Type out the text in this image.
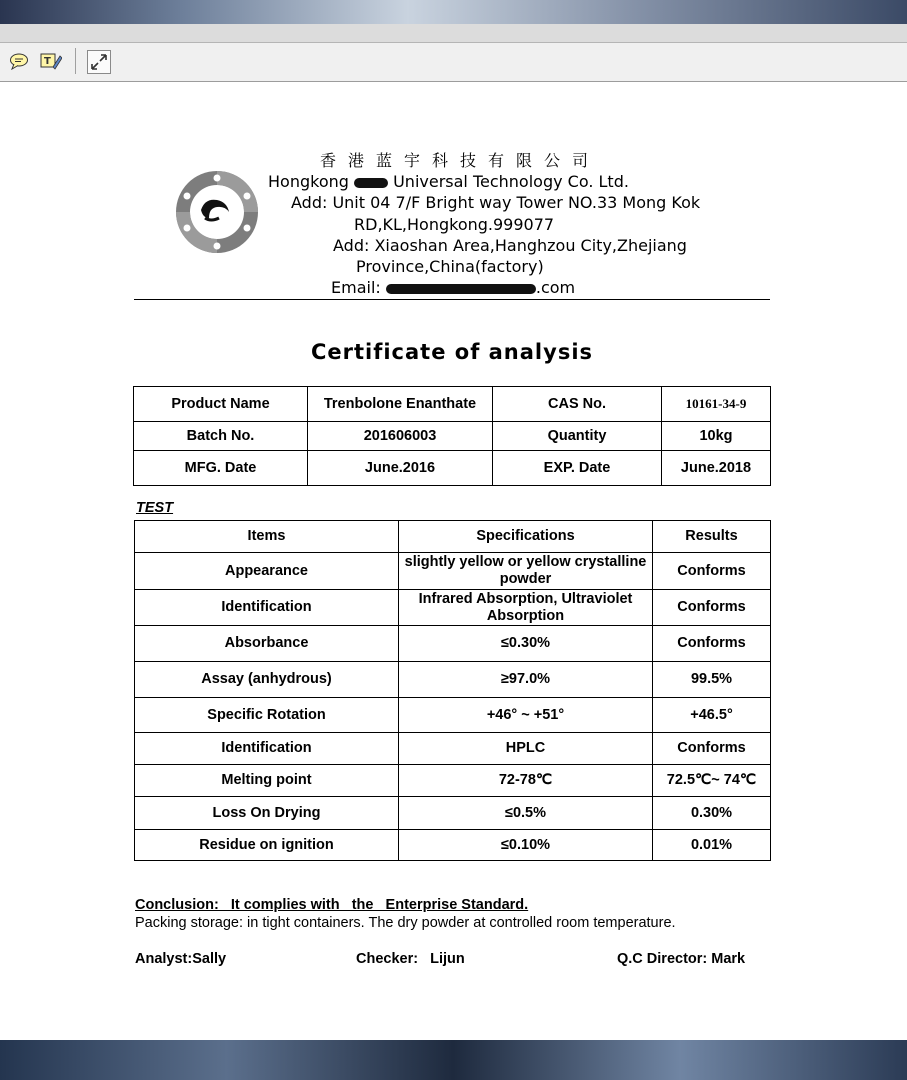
T
香港蓝宇科技有限公司
Hongkong	Universal Technology Co. Ltd.
Add: Unit 04 7/F Bright way Tower NO.33 Mong Kok
RD,KL,Hongkong.999077
Add: Xiaoshan Area,Hanghzou City,Zhejiang
Province,China(factory)
Email:	.com
Certificate of analysis
Product Name	Trenbolone Enanthate	CAS No.	10161-34-9
Batch No.	201606003	Quantity	10kg
MFG. Date	June.2016	EXP. Date	June.2018
TEST
Items	Specifications	Results
Appearance	slightly yellow or yellow crystalline powder	Conforms
Identification	Infrared Absorption, Ultraviolet Absorption	Conforms
Absorbance	≤0.30%	Conforms
Assay (anhydrous)	≥97.0%	99.5%
Specific Rotation	+46° ~ +51°	+46.5°
Identification	HPLC	Conforms
Melting point	72-78℃	72.5℃~ 74℃
Loss On Drying	≤0.5%	0.30%
Residue on ignition	≤0.10%	0.01%
Conclusion:   It complies with   the   Enterprise Standard.
Packing storage: in tight containers. The dry powder at controlled room temperature.
Analyst:Sally	Checker:   Lijun	Q.C Director: Mark
